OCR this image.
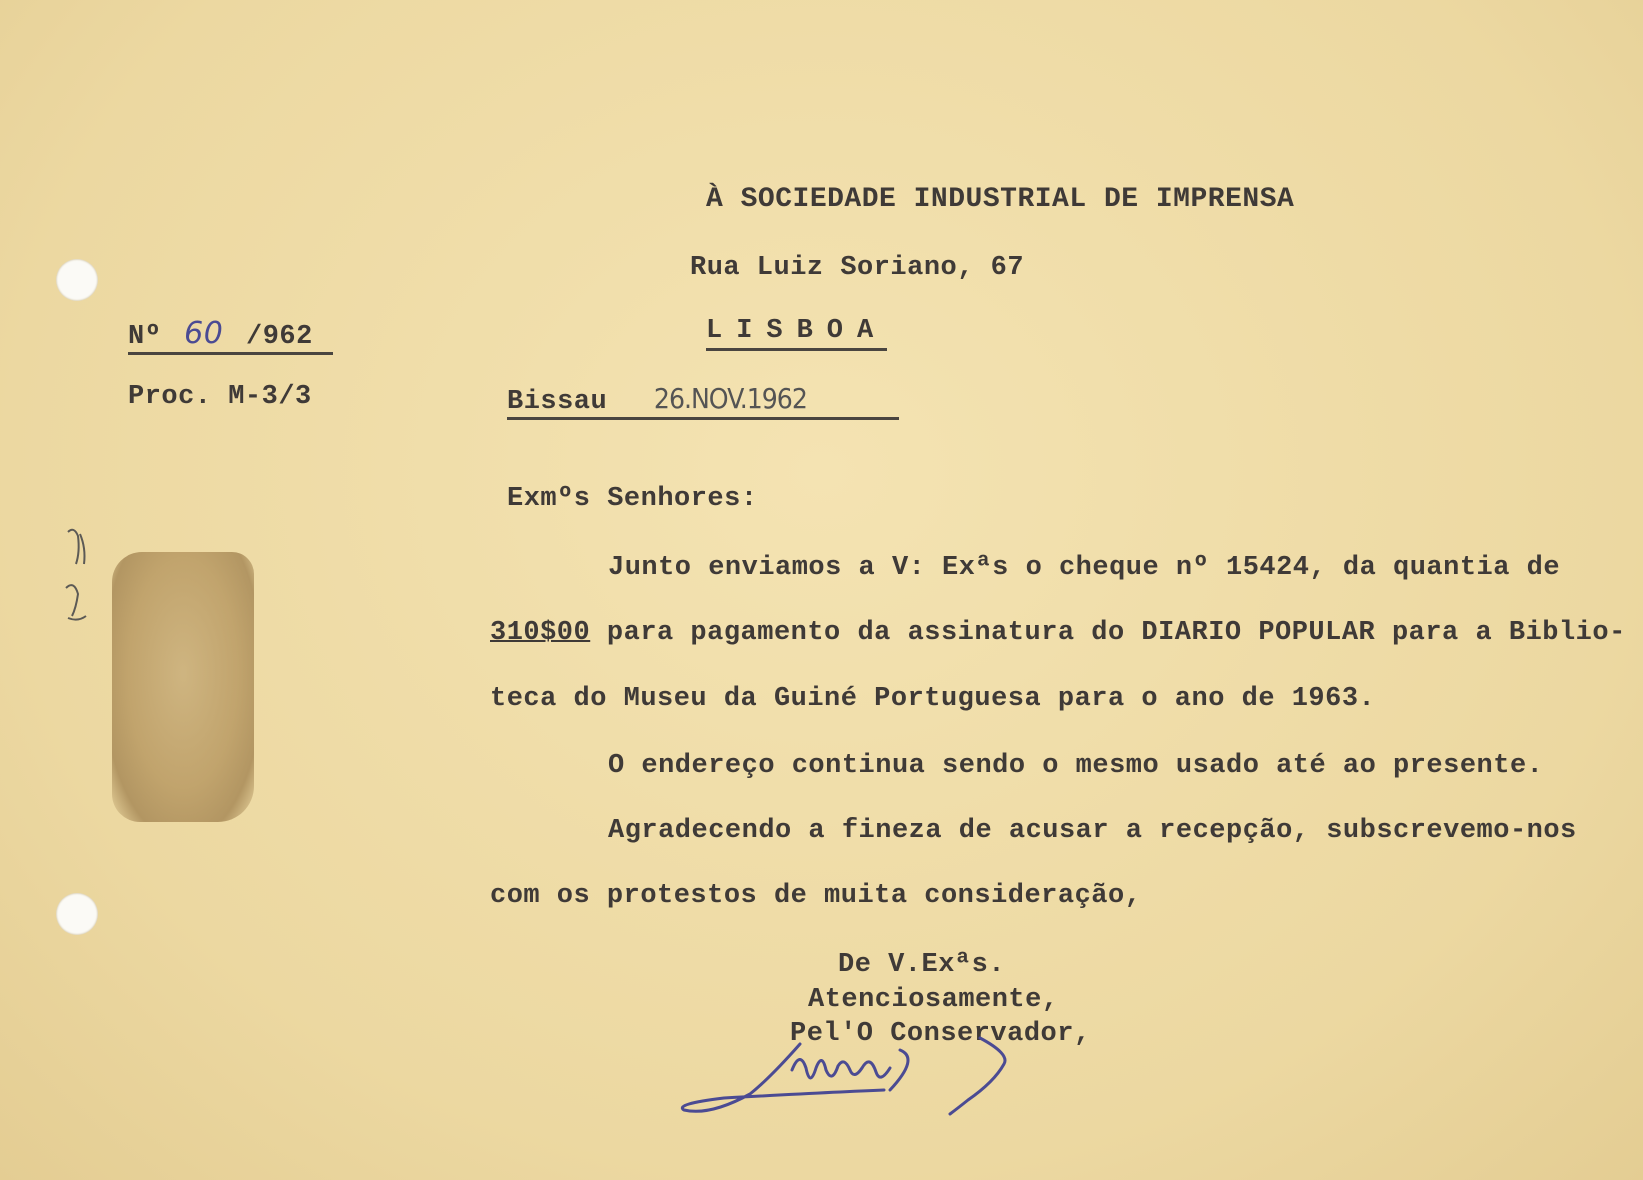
À SOCIEDADE INDUSTRIAL DE IMPRENSA
Rua Luiz Soriano, 67
LISBOA
Nº 60 /962
Proc. M-3/3	Bissau 26.NOV.1962
Exmºs Senhores:
Junto enviamos a V: Exªs o cheque nº 15424, da quantia de
310$00 para pagamento da assinatura do DIARIO POPULAR para a Biblio-
teca do Museu da Guiné Portuguesa para o ano de 1963.
O endereço continua sendo o mesmo usado até ao presente.
Agradecendo a fineza de acusar a recepção, subscrevemo-nos
com os protestos de muita consideração,
De V.Exªs.
Atenciosamente,
Pel'O Conservador,
